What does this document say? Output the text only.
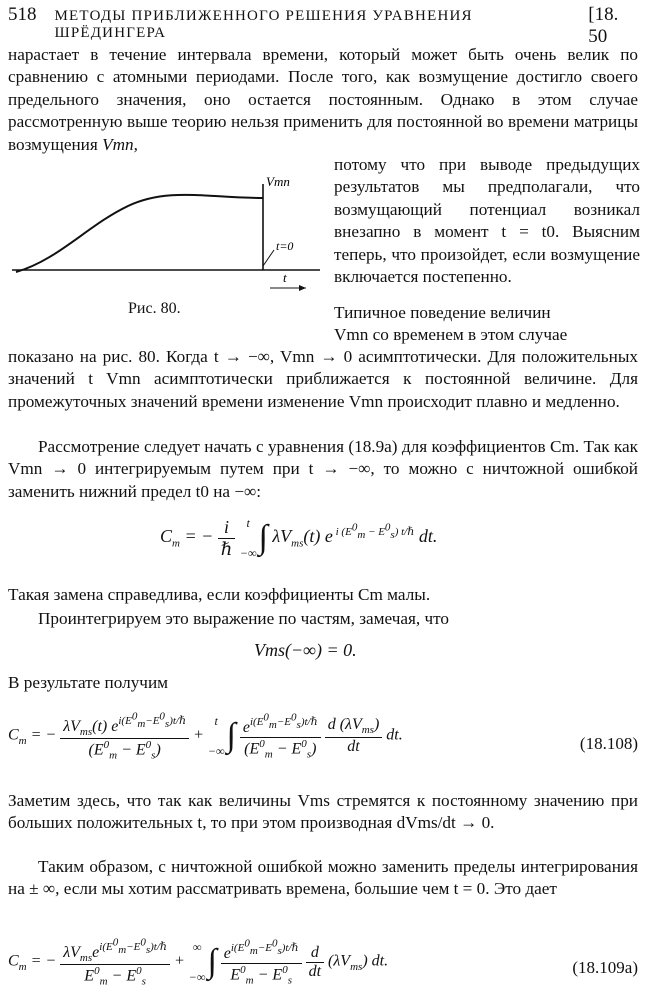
518 МЕТОДЫ ПРИБЛИЖЕННОГО РЕШЕНИЯ УРАВНЕНИЯ ШРЁДИНГЕРА
[18. 50

нарастает в течение интервала времени, который может быть очень велик по сравнению с атомными периодами. После того, как возмущение достигло своего предельного значения, оно остается постоянным. Однако в этом случае рассмотренную выше теорию нельзя применить для постоянной во времени матрицы возмущения Vmn,

Vmn
t=0
t
Рис. 80.

потому что при выводе предыдущих результатов мы предполагали, что возмущающий потенциал возникал внезапно в момент t = t0. Выясним теперь, что произойдет, если возмущение включается постепенно.

Типичное поведение величин

Vmn со временем в этом случае

показано на рис. 80. Когда t → −∞, Vmn → 0 асимптотически. Для положительных значений t Vmn асимптотически приближается к постоянной величине. Для промежуточных значений времени изменение Vmn происходит плавно и медленно.

Рассмотрение следует начать с уравнения (18.9a) для коэффициентов Cm. Так как Vmn → 0 интегрируемым путем при t → −∞, то можно с ничтожной ошибкой заменить нижний предел t0 на −∞:

$C_m$ = − $\frac{i}{\text{ℏ}}$ t
−∞∫ $\lambda V_{ms}(t)$ e $^{i (E^0_m - E^0_s) t/\hbar}$ dt.

Такая замена справедлива, если коэффициенты Cm малы.

Проинтегрируем это выражение по частям, замечая, что

Vms(−∞) = 0.

В результате получим

$C_m$ = − $\frac{\lambda V_{ms}(t) e^{i(E^0_m-E^0_s)t/\hbar}}{(E^0_m - E^0_s)} + t$
−∞∫ $\frac{e^{i(E^0_m-E^0_s)t/\hbar}}{(E^0_m - E^0_s)}$
$\frac{d (\lambda V_{ms})}{dt}$ dt.	(18.108)

Заметим здесь, что так как величины Vms стремятся к постоянному значению при больших положительных t, то при этом производная dVms/dt → 0.

Таким образом, с ничтожной ошибкой можно заменить пределы интегрирования на ± ∞, если мы хотим рассматривать времена, большие чем t = 0. Это дает

$C_m$ = − $\frac{\lambda V_{ms}e^{i(E^0_m-E^0_s)t/\hbar}}{E^0_m - E^0_s}$ + ∞
−∞∫ $\frac{e^{i(E^0_m-E^0_s)t/\hbar}}{E^0_m - E^0_s}$
$\frac{d}{dt} (\lambda V_{ms})$ dt.	(18.109a)
